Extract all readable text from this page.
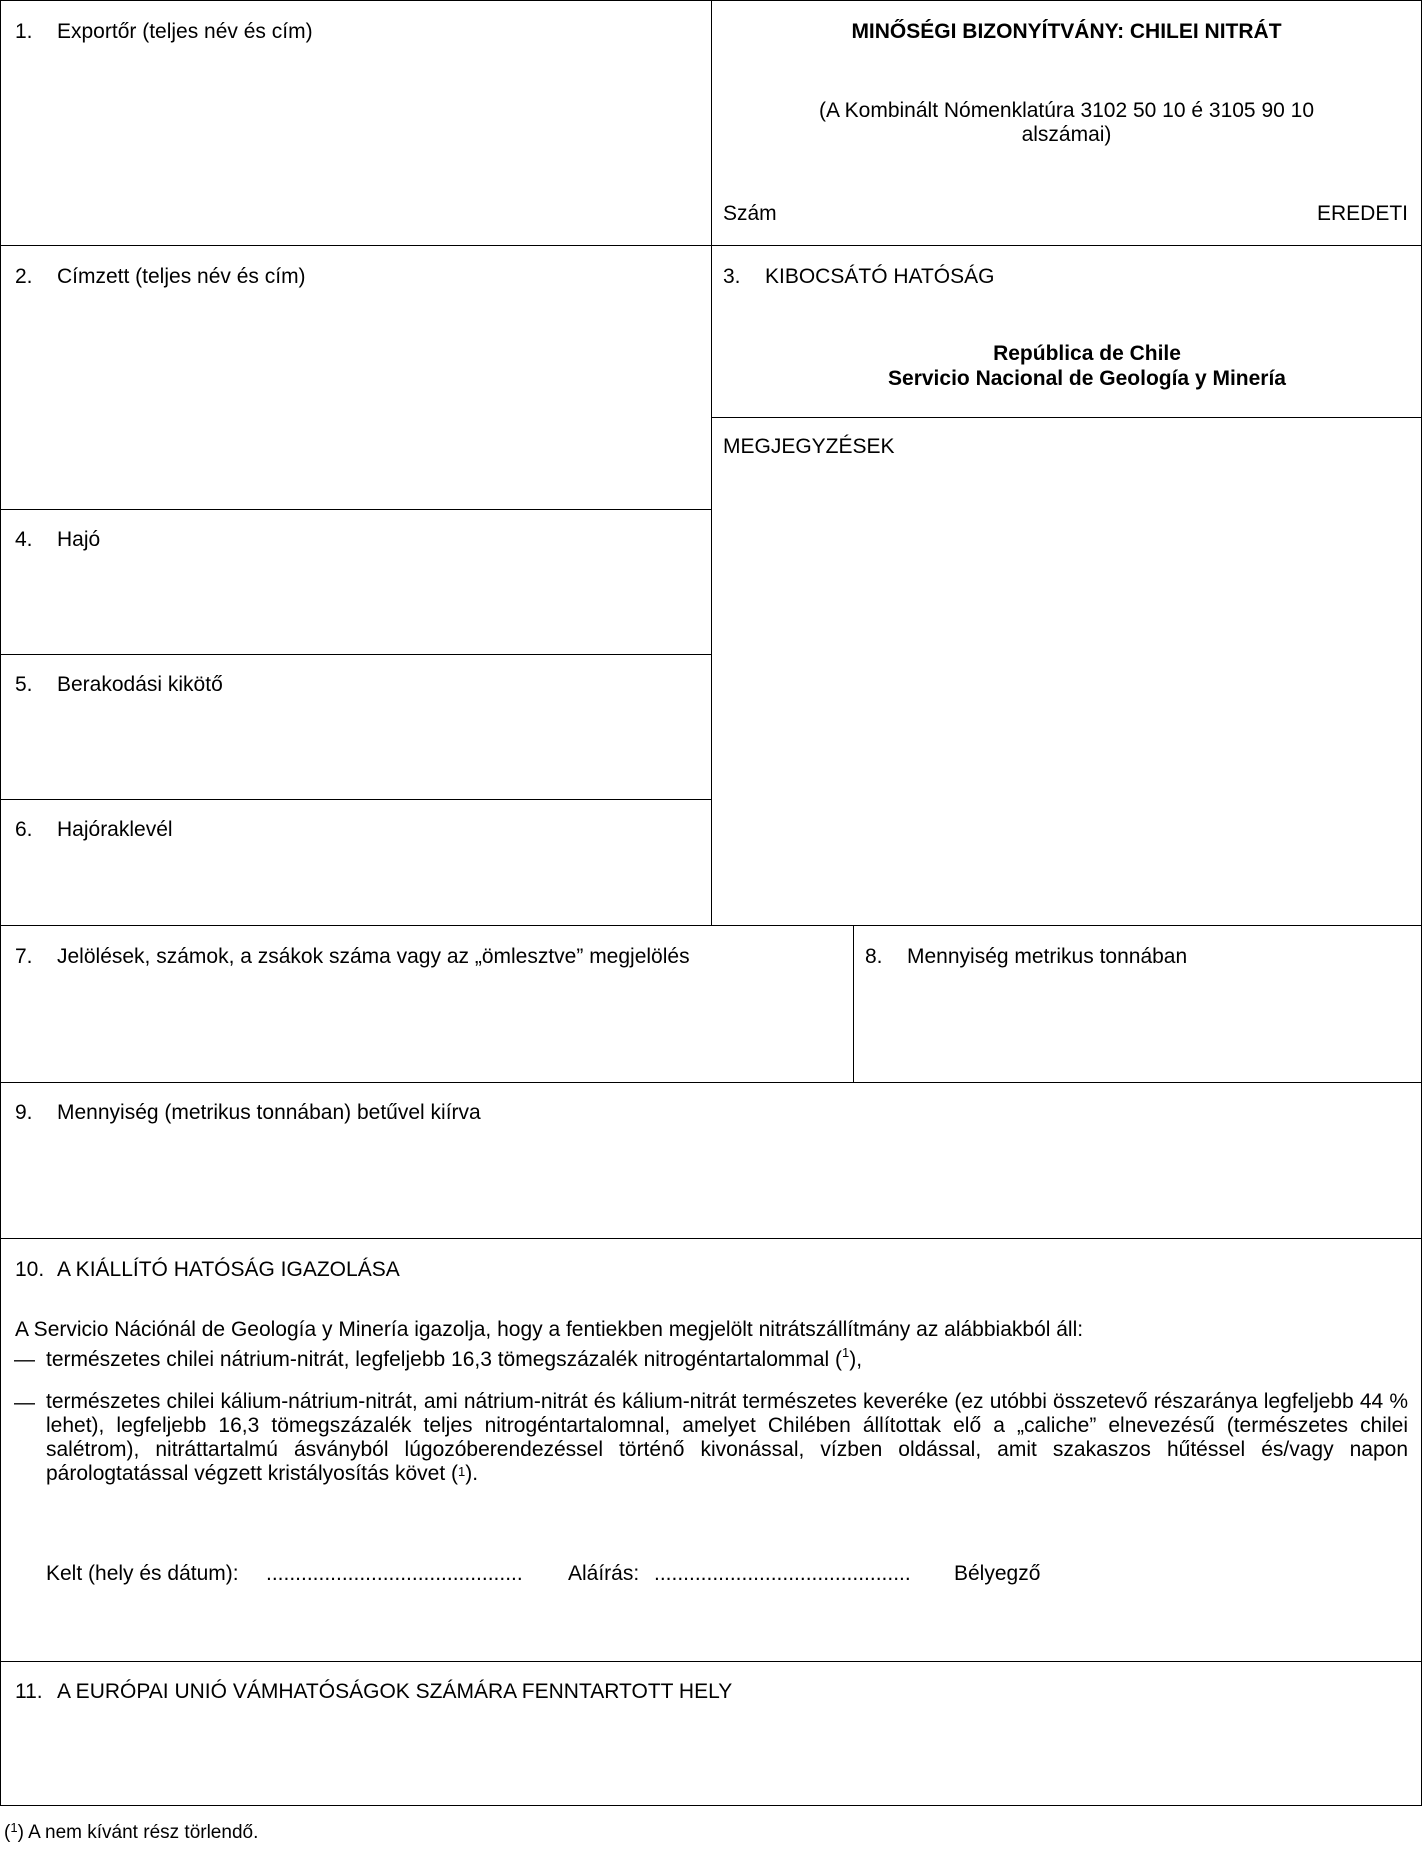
1. Exportőr (teljes név és cím)	MINŐSÉGI BIZONYÍTVÁNY: CHILEI NITRÁT
(A Kombinált Nómenklatúra 3102 50 10 é 3105 90 10
alszámai)
Szám	EREDETI
2. Címzett (teljes név és cím)	3. KIBOCSÁTÓ HATÓSÁG
República de Chile
Servicio Nacional de Geología y Minería
MEGJEGYZÉSEK
4. Hajó
5. Berakodási kikötő
6. Hajóraklevél
7. Jelölések, számok, a zsákok száma vagy az „ömlesztve” megjelölés	8. Mennyiség metrikus tonnában
9. Mennyiség (metrikus tonnában) betűvel kiírva
10. A KIÁLLÍTÓ HATÓSÁG IGAZOLÁSA
A Servicio Nációnál de Geología y Minería igazolja, hogy a fentiekben megjelölt nitrátszállítmány az alábbiakból áll:
— természetes chilei nátrium-nitrát, legfeljebb 16,3 tömegszázalék nitrogéntartalommal ($^1$),
— természetes chilei kálium-nátrium-nitrát, ami nátrium-nitrát és kálium-nitrát természetes keveréke (ez utóbbi összetevő részaránya legfeljebb 44 % lehet), legfeljebb 16,3 tömegszázalék teljes nitrogéntartalomnal, amelyet Chilében állítottak elő a „caliche” elnevezésű (természetes chilei salétrom), nitráttartalmú ásványból lúgozóberendezéssel történő kivonással, vízben oldással, amit szakaszos hűtéssel és/vagy napon párologtatással végzett kristályosítás követ ($^1$).
Kelt (hely és dátum): ............................................ Aláírás: ............................................ Bélyegző
11. A EURÓPAI UNIÓ VÁMHATÓSÁGOK SZÁMÁRA FENNTARTOTT HELY
($^1$) A nem kívánt rész törlendő.
